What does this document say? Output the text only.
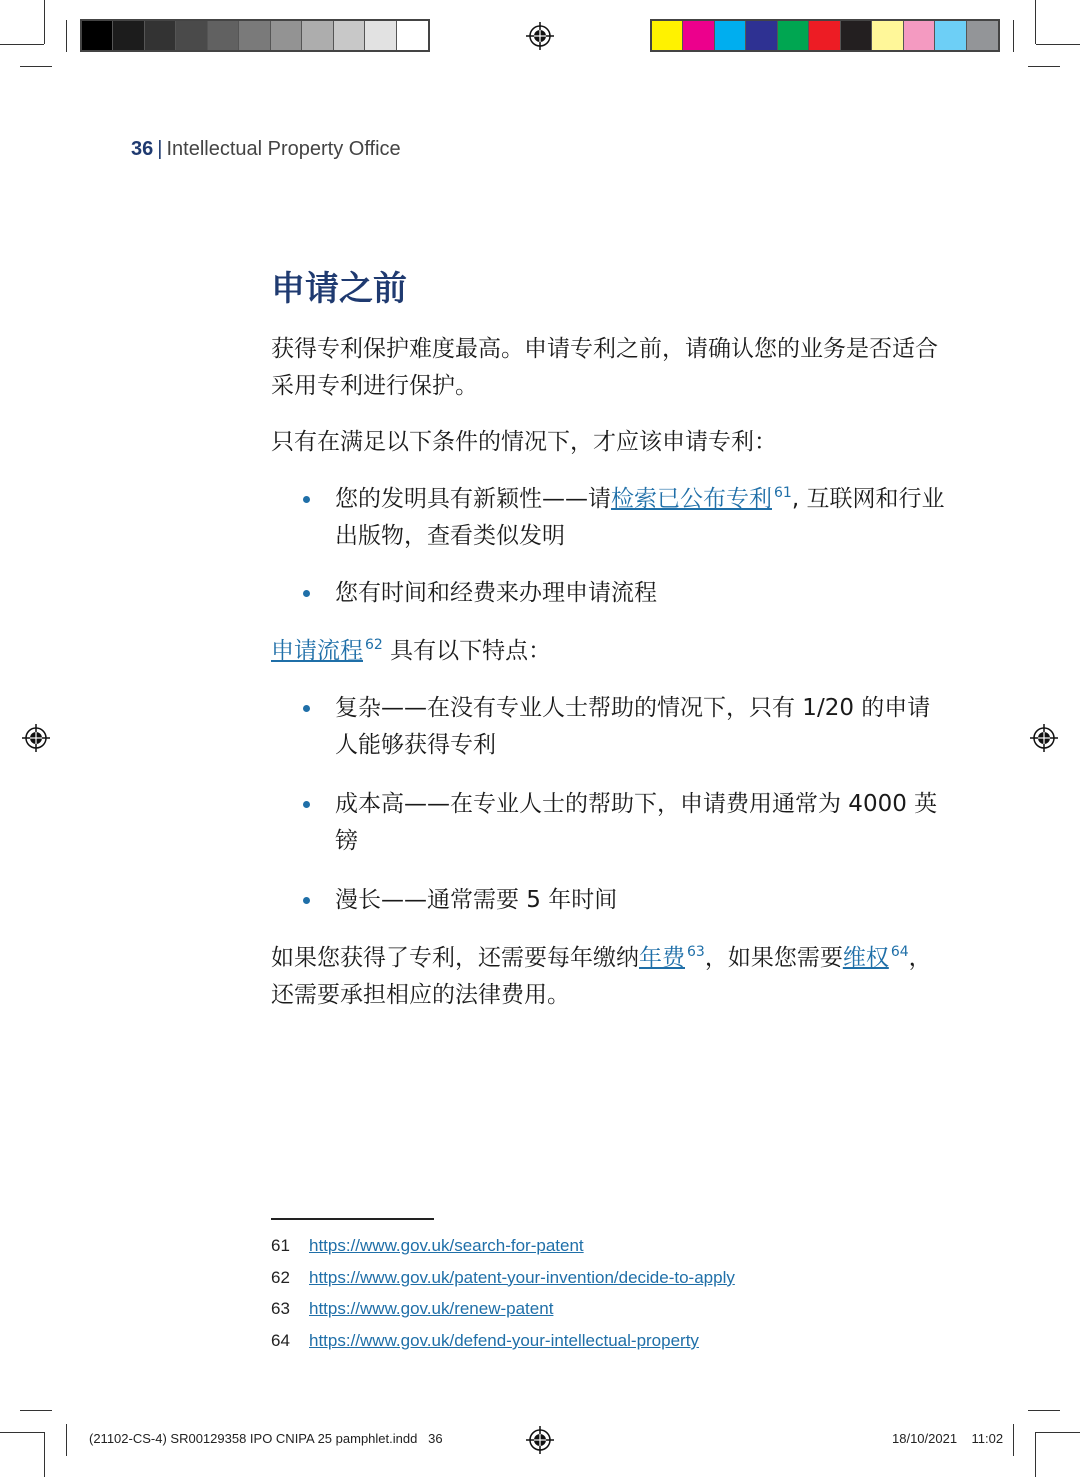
36 | Intellectual Property Office
申请之前

获得专利保护难度最高。申请专利之前，请确认您的业务是否适合采用专利进行保护。

只有在满足以下条件的情况下，才应该申请专利：

您的发明具有新颖性——请检索已公布专利 $^{61}$, 互联网和行业出版物，查看类似发明
您有时间和经费来办理申请流程

申请流程 $^{62}$ 具有以下特点：

复杂——在没有专业人士帮助的情况下，只有 1/20 的申请人能够获得专利
成本高——在专业人士的帮助下，申请费用通常为 4000 英镑
漫长——通常需要 5 年时间

如果您获得了专利，还需要每年缴纳年费 $^{63}$，如果您需要维权 $^{64}$，还需要承担相应的法律费用。

61 https://www.gov.uk/search-for-patent
62 https://www.gov.uk/patent-your-invention/decide-to-apply
63 https://www.gov.uk/renew-patent
64 https://www.gov.uk/defend-your-intellectual-property
(21102-CS-4) SR00129358 IPO CNIPA 25 pamphlet.indd 36	18/10/2021 11:02
